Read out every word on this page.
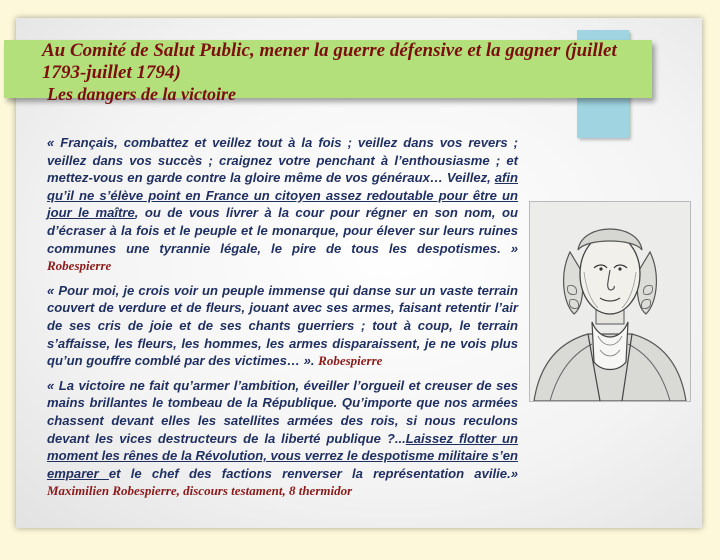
Au Comité de Salut Public, mener la guerre défensive et la gagner (juillet 1793-juillet 1794)
Les dangers de la victoire

« Français, combattez et veillez tout à la fois ; veillez dans vos revers ; veillez dans vos succès ; craignez votre penchant à l’enthousiasme ; et mettez-vous en garde contre la gloire même de vos généraux… Veillez, afin qu’il ne s’élève point en France un citoyen assez redoutable pour être un jour le maître, ou de vous livrer à la cour pour régner en son nom, ou d’écraser à la fois et le peuple et le monarque, pour élever sur leurs ruines communes une tyrannie légale, le pire de tous les despotismes. » Robespierre

« Pour moi, je crois voir un peuple immense qui danse sur un vaste terrain couvert de verdure et de fleurs, jouant avec ses armes, faisant retentir l’air de ses cris de joie et de ses chants guerriers ; tout à coup, le terrain s’affaisse, les fleurs, les hommes, les armes disparaissent, je ne vois plus qu’un gouffre comblé par des victimes… ». Robespierre

« La victoire ne fait qu’armer l’ambition, éveiller l’orgueil et creuser de ses mains brillantes le tombeau de la République. Qu’importe que nos armées chassent devant elles les satellites armées des rois, si nous reculons devant les vices destructeurs de la liberté publique ?...Laissez flotter un moment les rênes de la Révolution, vous verrez le despotisme militaire s’en emparer et le chef des factions renverser la représentation avilie.» Maximilien Robespierre, discours testament, 8 thermidor
